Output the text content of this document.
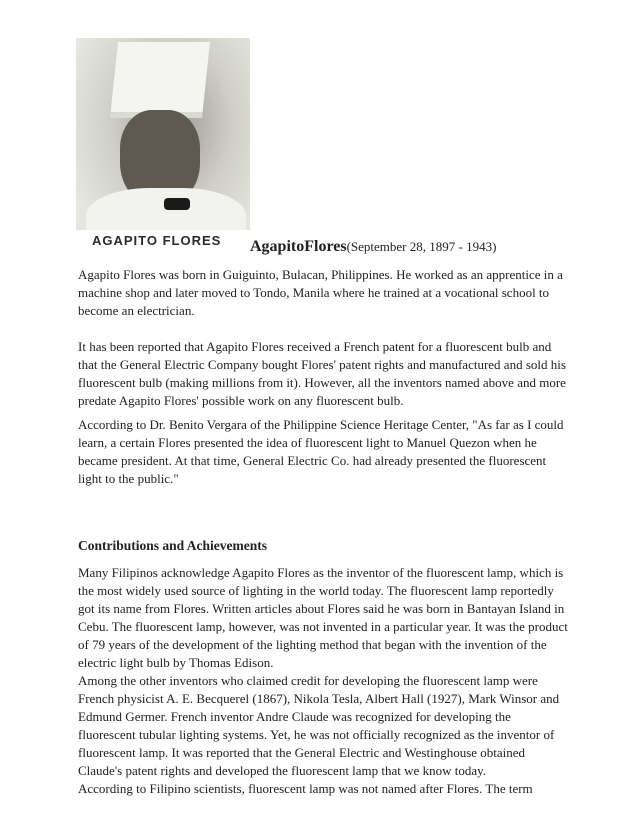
AGAPITO FLORES	AgapitoFlores(September 28, 1897 - 1943)

Agapito Flores was born in Guiguinto, Bulacan, Philippines. He worked as an apprentice in a machine shop and later moved to Tondo, Manila where he trained at a vocational school to become an electrician.

It has been reported that Agapito Flores received a French patent for a fluorescent bulb and that the General Electric Company bought Flores' patent rights and manufactured and sold his fluorescent bulb (making millions from it). However, all the inventors named above and more predate Agapito Flores' possible work on any fluorescent bulb.

According to Dr. Benito Vergara of the Philippine Science Heritage Center, "As far as I could learn, a certain Flores presented the idea of fluorescent light to Manuel Quezon when he became president. At that time, General Electric Co. had already presented the fluorescent light to the public."

Contributions and Achievements

Many Filipinos acknowledge Agapito Flores as the inventor of the fluorescent lamp, which is the most widely used source of lighting in the world today. The fluorescent lamp reportedly got its name from Flores. Written articles about Flores said he was born in Bantayan Island in Cebu. The fluorescent lamp, however, was not invented in a particular year. It was the product of 79 years of the development of the lighting method that began with the invention of the electric light bulb by Thomas Edison.

Among the other inventors who claimed credit for developing the fluorescent lamp were French physicist A. E. Becquerel (1867), Nikola Tesla, Albert Hall (1927), Mark Winsor and Edmund Germer. French inventor Andre Claude was recognized for developing the fluorescent tubular lighting systems. Yet, he was not officially recognized as the inventor of fluorescent lamp. It was reported that the General Electric and Westinghouse obtained Claude's patent rights and developed the fluorescent lamp that we know today.

According to Filipino scientists, fluorescent lamp was not named after Flores. The term
